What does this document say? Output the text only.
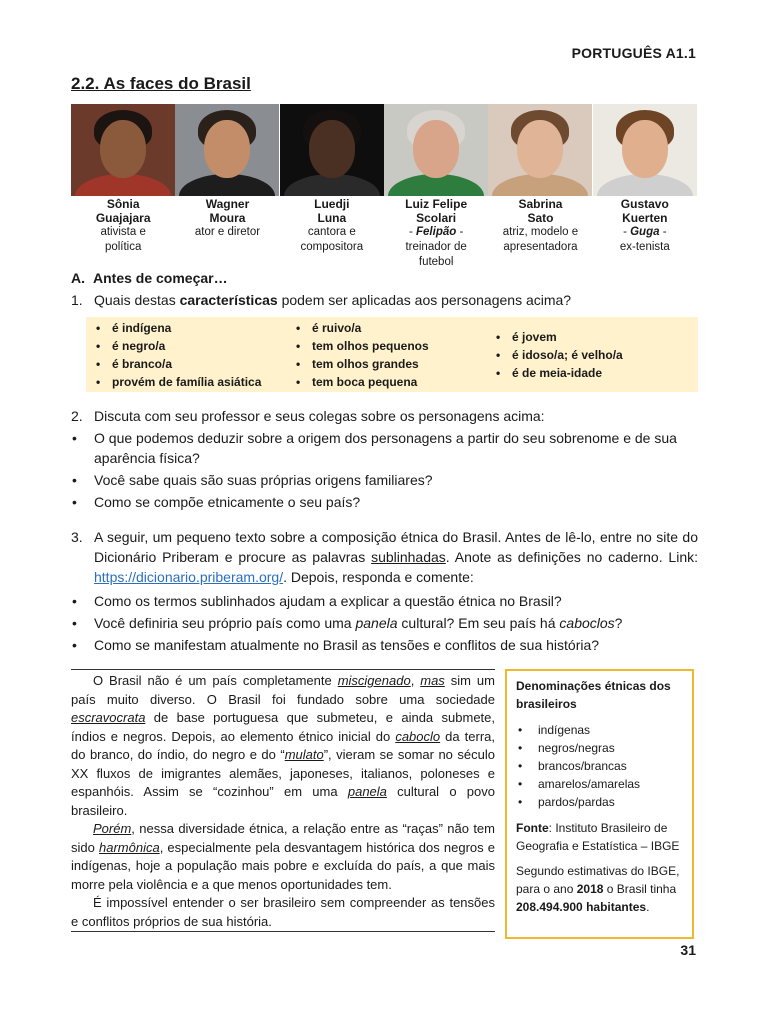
PORTUGUÊS A1.1
2.2. As faces do Brasil
Sônia
Guajajara
ativista e
política
Wagner
Moura
ator e diretor
Luedji
Luna
cantora e
compositora
Luiz Felipe
Scolari
- Felipão -
treinador de
futebol
Sabrina
Sato
atriz, modelo e
apresentadora
Gustavo
Kuerten
- Guga -
ex-tenista
A. Antes de começar…
1. Quais destas características podem ser aplicadas aos personagens acima?
• é indígena
• é negro/a
• é branco/a
• provém de família asiática
• é ruivo/a
• tem olhos pequenos
• tem olhos grandes
• tem boca pequena
• é jovem
• é idoso/a; é velho/a
• é de meia-idade
2. Discuta com seu professor e seus colegas sobre os personagens acima:
•	O que podemos deduzir sobre a origem dos personagens a partir do seu sobrenome e de sua aparência física?
•	Você sabe quais são suas próprias origens familiares?
•	Como se compõe etnicamente o seu país?
3. A seguir, um pequeno texto sobre a composição étnica do Brasil. Antes de lê-lo, entre no site do Dicionário Priberam e procure as palavras sublinhadas. Anote as definições no caderno. Link: https://dicionario.priberam.org/. Depois, responda e comente:
•	Como os termos sublinhados ajudam a explicar a questão étnica no Brasil?
•	Você definiria seu próprio país como uma panela cultural? Em seu país há caboclos?
•	Como se manifestam atualmente no Brasil as tensões e conflitos de sua história?

O Brasil não é um país completamente miscigenado, mas sim um país muito diverso. O Brasil foi fundado sobre uma sociedade escravocrata de base portuguesa que submeteu, e ainda submete, índios e negros. Depois, ao elemento étnico inicial do caboclo da terra, do branco, do índio, do negro e do “mulato”, vieram se somar no século XX fluxos de imigrantes alemães, japoneses, italianos, poloneses e espanhóis. Assim se “cozinhou” em uma panela cultural o povo brasileiro.

Porém, nessa diversidade étnica, a relação entre as “raças” não tem sido harmônica, especialmente pela desvantagem histórica dos negros e indígenas, hoje a população mais pobre e excluída do país, a que mais morre pela violência e a que menos oportunidades tem.

É impossível entender o ser brasileiro sem compreender as tensões e conflitos próprios de sua história.

Denominações étnicas dos brasileiros
• indígenas
• negros/negras
• brancos/brancas
• amarelos/amarelas
• pardos/pardas
Fonte: Instituto Brasileiro de Geografia e Estatística – IBGE
Segundo estimativas do IBGE, para o ano 2018 o Brasil tinha 208.494.900 habitantes.
31
